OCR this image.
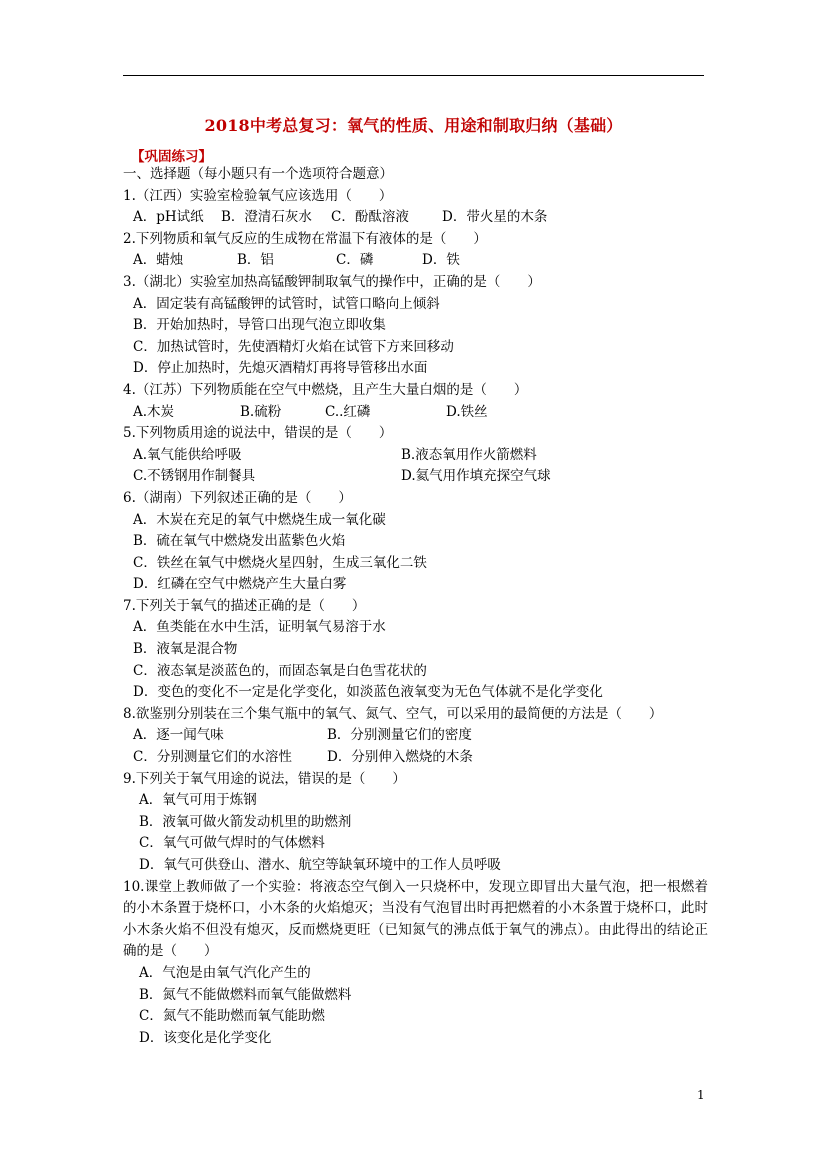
2018中考总复习：氧气的性质、用途和制取归纳（基础）
【巩固练习】
一、选择题（每小题只有一个选项符合题意）
1.（江西）实验室检验氧气应该选用（　　）
A．pH试纸	B．澄清石灰水	C．酚酞溶液	D．带火星的木条
2.下列物质和氧气反应的生成物在常温下有液体的是（　　）
A．蜡烛	B．铝	C．磷	D．铁
3.（湖北）实验室加热高锰酸钾制取氧气的操作中，正确的是（　　）
A．固定装有高锰酸钾的试管时，试管口略向上倾斜
B．开始加热时，导管口出现气泡立即收集
C．加热试管时，先使酒精灯火焰在试管下方来回移动
D．停止加热时，先熄灭酒精灯再将导管移出水面
4.（江苏）下列物质能在空气中燃烧，且产生大量白烟的是（　　）
A.木炭	B.硫粉	C..红磷	D.铁丝
5.下列物质用途的说法中，错误的是（　　）
A.氧气能供给呼吸	B.液态氧用作火箭燃料
C.不锈钢用作制餐具	D.氦气用作填充探空气球
6.（湖南）下列叙述正确的是（　　）
A．木炭在充足的氧气中燃烧生成一氧化碳
B．硫在氧气中燃烧发出蓝紫色火焰
C．铁丝在氧气中燃烧火星四射，生成三氧化二铁
D．红磷在空气中燃烧产生大量白雾
7.下列关于氧气的描述正确的是（　　）
A．鱼类能在水中生活，证明氧气易溶于水
B．液氧是混合物
C．液态氧是淡蓝色的，而固态氧是白色雪花状的
D．变色的变化不一定是化学变化，如淡蓝色液氧变为无色气体就不是化学变化
8.欲鉴别分别装在三个集气瓶中的氧气、氮气、空气，可以采用的最简便的方法是（　　）
A．逐一闻气味	B．分别测量它们的密度
C．分别测量它们的水溶性	D．分别伸入燃烧的木条
9.下列关于氧气用途的说法，错误的是（　　）
A．氧气可用于炼钢
B．液氧可做火箭发动机里的助燃剂
C．氧气可做气焊时的气体燃料
D．氧气可供登山、潜水、航空等缺氧环境中的工作人员呼吸
10.课堂上教师做了一个实验：将液态空气倒入一只烧杯中，发现立即冒出大量气泡，把一根燃着的小木条置于烧杯口，小木条的火焰熄灭；当没有气泡冒出时再把燃着的小木条置于烧杯口，此时小木条火焰不但没有熄灭，反而燃烧更旺（已知氮气的沸点低于氧气的沸点）。由此得出的结论正确的是（　　）
A．气泡是由氧气汽化产生的
B．氮气不能做燃料而氧气能做燃料
C．氮气不能助燃而氧气能助燃
D．该变化是化学变化
1
